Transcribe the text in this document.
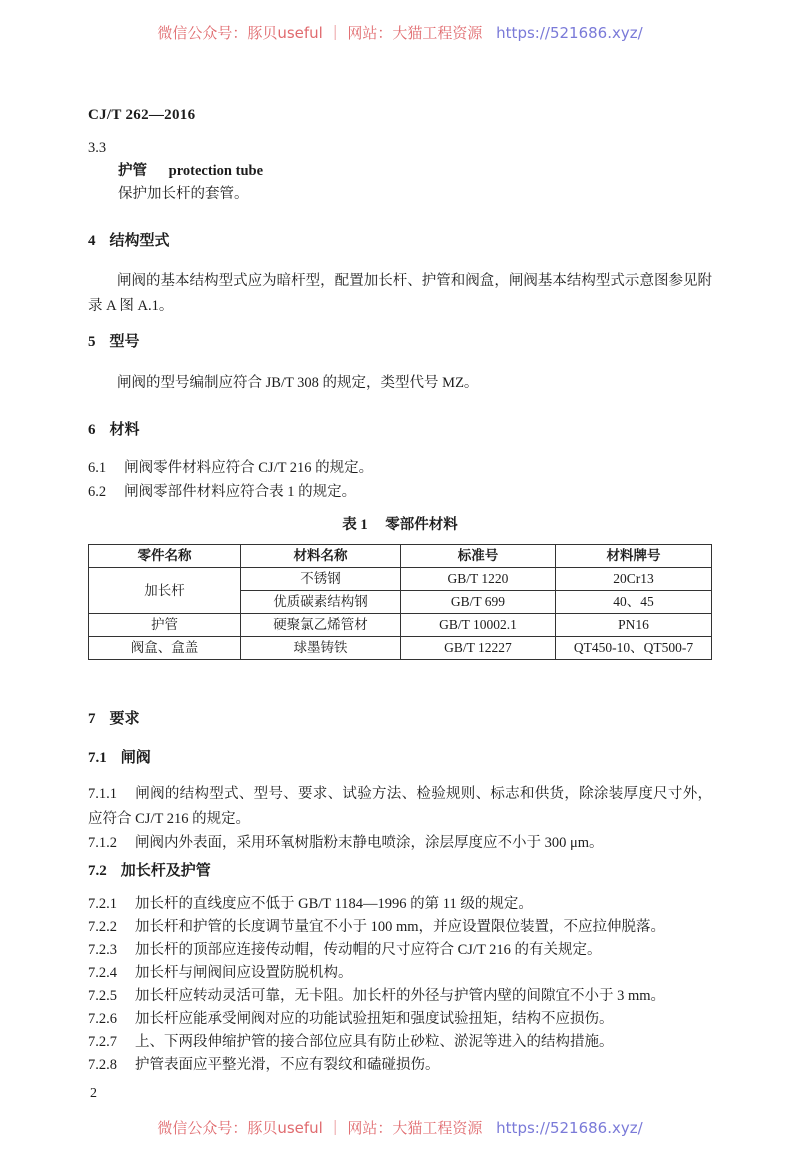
微信公众号：豚贝useful ｜ 网站：大猫工程资源 https://521686.xyz/
CJ/T 262—2016
3.3
护管 protection tube
保护加长杆的套管。
4 结构型式

闸阀的基本结构型式应为暗杆型，配置加长杆、护管和阀盒，闸阀基本结构型式示意图参见附录 A 图 A.1。

5 型号

闸阀的型号编制应符合 JB/T 308 的规定，类型代号 MZ。

6 材料

6.1 闸阀零件材料应符合 CJ/T 216 的规定。

6.2 闸阀零部件材料应符合表 1 的规定。

表 1 零部件材料
零件名称	材料名称	标准号	材料牌号
加长杆	不锈钢	GB/T 1220	20Cr13
	优质碳素结构钢	GB/T 699	40、45
护管	硬聚氯乙烯管材	GB/T 10002.1	PN16
阀盒、盒盖	球墨铸铁	GB/T 12227	QT450-10、QT500-7
7 要求
7.1 闸阀

7.1.1 闸阀的结构型式、型号、要求、试验方法、检验规则、标志和供货，除涂装厚度尺寸外，应符合 CJ/T 216 的规定。

7.1.2 闸阀内外表面，采用环氧树脂粉末静电喷涂，涂层厚度应不小于 300 μm。

7.2 加长杆及护管

7.2.1 加长杆的直线度应不低于 GB/T 1184—1996 的第 11 级的规定。

7.2.2 加长杆和护管的长度调节量宜不小于 100 mm，并应设置限位装置，不应拉伸脱落。

7.2.3 加长杆的顶部应连接传动帽，传动帽的尺寸应符合 CJ/T 216 的有关规定。

7.2.4 加长杆与闸阀间应设置防脱机构。

7.2.5 加长杆应转动灵活可靠，无卡阻。加长杆的外径与护管内壁的间隙宜不小于 3 mm。

7.2.6 加长杆应能承受闸阀对应的功能试验扭矩和强度试验扭矩，结构不应损伤。

7.2.7 上、下两段伸缩护管的接合部位应具有防止砂粒、淤泥等进入的结构措施。

7.2.8 护管表面应平整光滑，不应有裂纹和磕碰损伤。

2
微信公众号：豚贝useful ｜ 网站：大猫工程资源 https://521686.xyz/
